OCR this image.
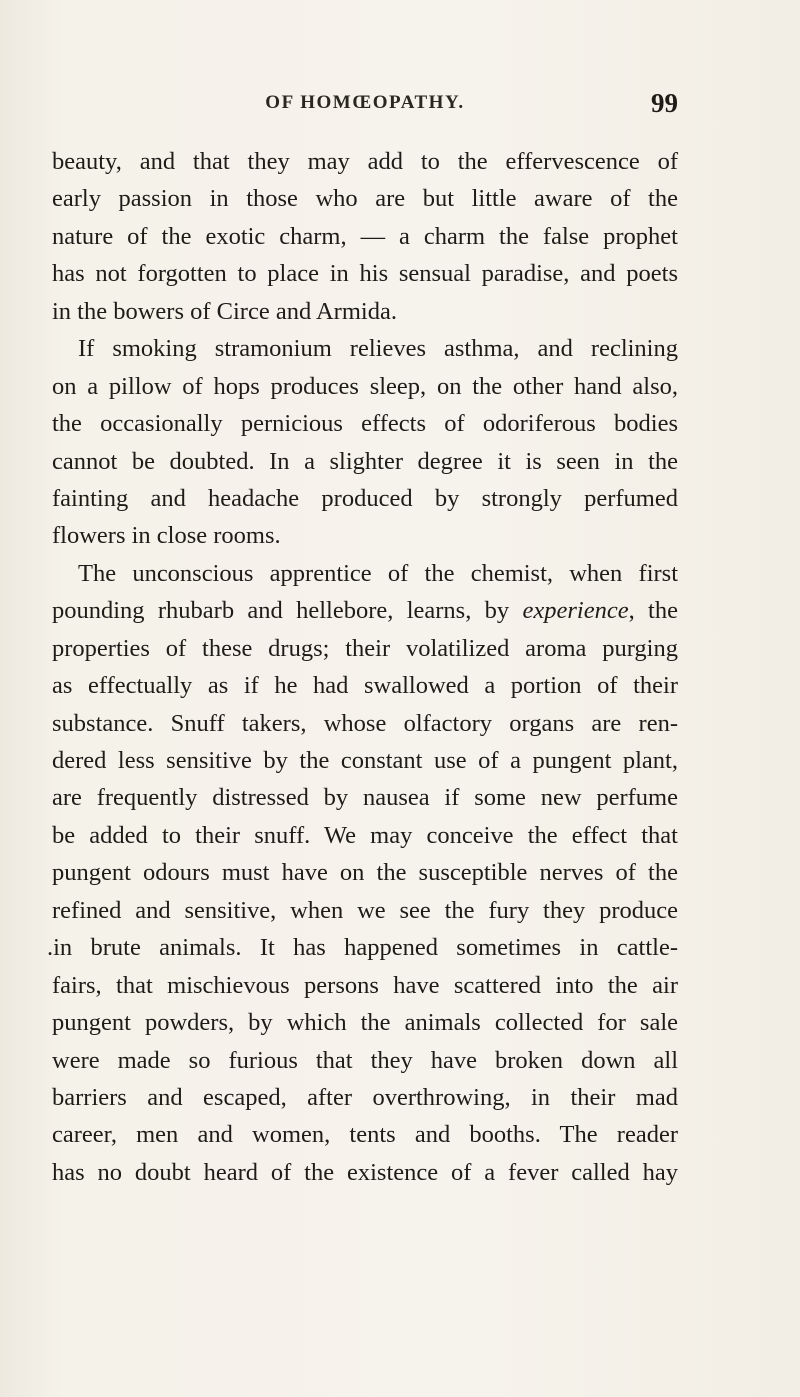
OF HOMŒOPATHY.	99
beauty, and that they may add to the effervescence of
early passion in those who are but little aware of the
nature of the exotic charm, — a charm the false prophet
has not forgotten to place in his sensual paradise, and poets
in the bowers of Circe and Armida.
If smoking stramonium relieves asthma, and reclining
on a pillow of hops produces sleep, on the other hand also,
the occasionally pernicious effects of odoriferous bodies
cannot be doubted. In a slighter degree it is seen in the
fainting and headache produced by strongly perfumed
flowers in close rooms.
The unconscious apprentice of the chemist, when first
pounding rhubarb and hellebore, learns, by experience, the
properties of these drugs; their volatilized aroma purging
as effectually as if he had swallowed a portion of their
substance. Snuff takers, whose olfactory organs are ren-
dered less sensitive by the constant use of a pungent plant,
are frequently distressed by nausea if some new perfume
be added to their snuff. We may conceive the effect that
pungent odours must have on the susceptible nerves of the
refined and sensitive, when we see the fury they produce
.in brute animals. It has happened sometimes in cattle-
fairs, that mischievous persons have scattered into the air
pungent powders, by which the animals collected for sale
were made so furious that they have broken down all
barriers and escaped, after overthrowing, in their mad
career, men and women, tents and booths. The reader
has no doubt heard of the existence of a fever called hay
